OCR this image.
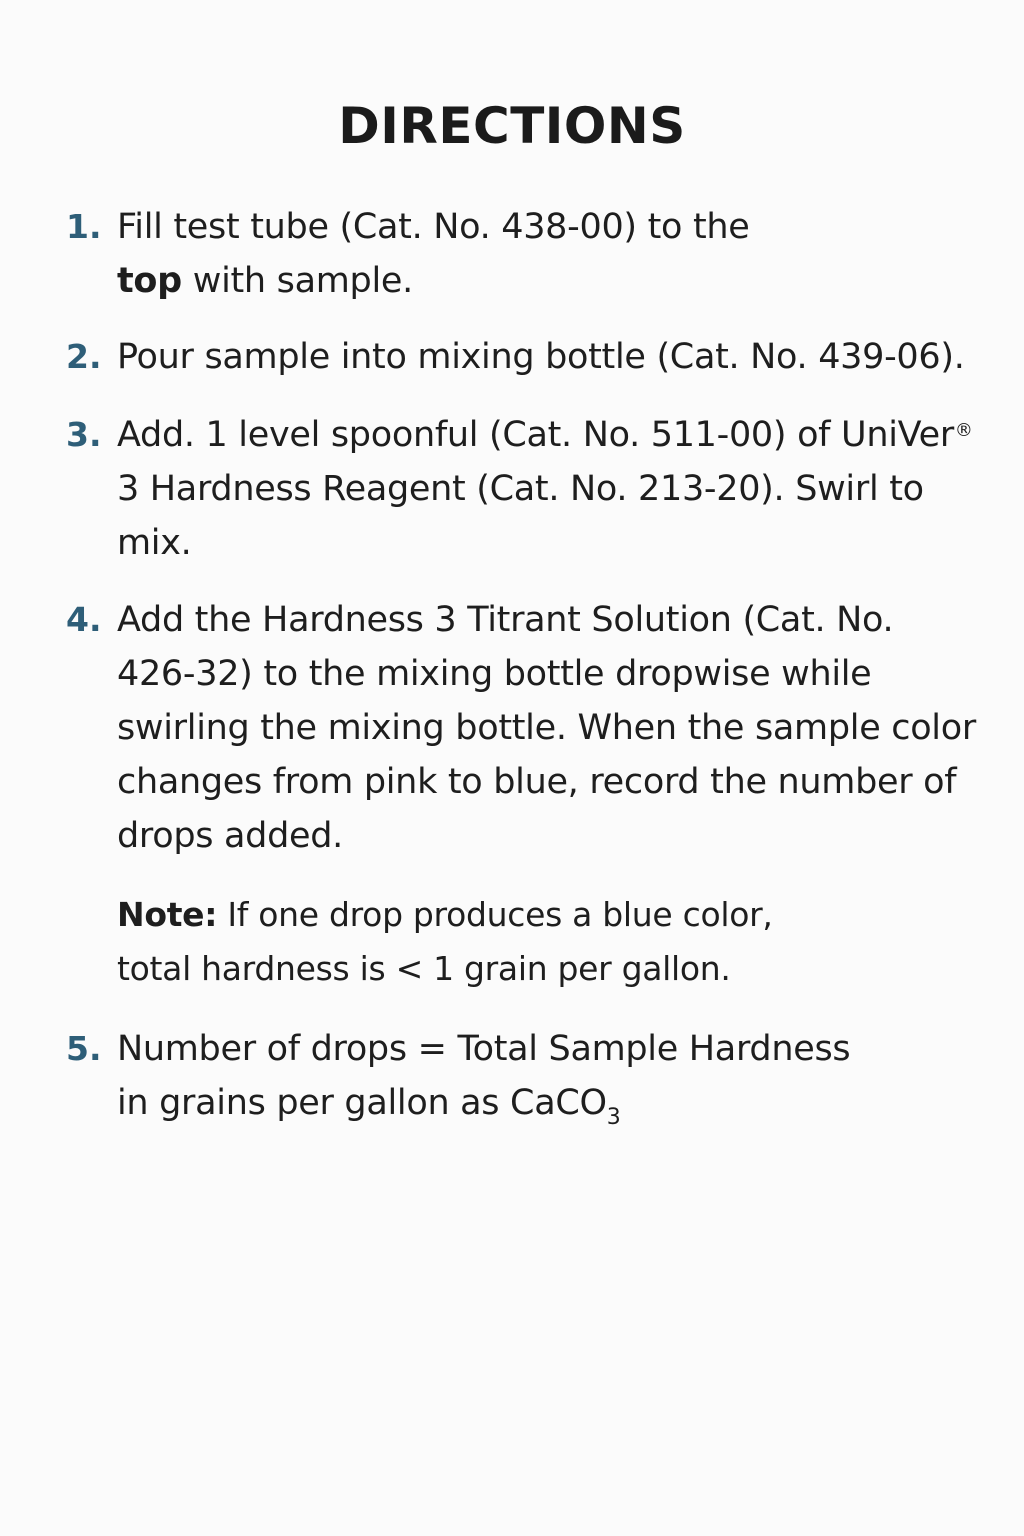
DIRECTIONS
1. Fill test tube (Cat. No. 438-00) to the
top with sample.
2. Pour sample into mixing bottle (Cat. No. 439-06).
3. Add. 1 level spoonful (Cat. No. 511-00) of UniVer®
3 Hardness Reagent (Cat. No. 213-20). Swirl to
mix.
4. Add the Hardness 3 Titrant Solution (Cat. No.
426-32) to the mixing bottle dropwise while
swirling the mixing bottle. When the sample color
changes from pink to blue, record the number of
drops added.
Note: If one drop produces a blue color,
total hardness is < 1 grain per gallon.
5. Number of drops = Total Sample Hardness
in grains per gallon as CaCO$_3$
